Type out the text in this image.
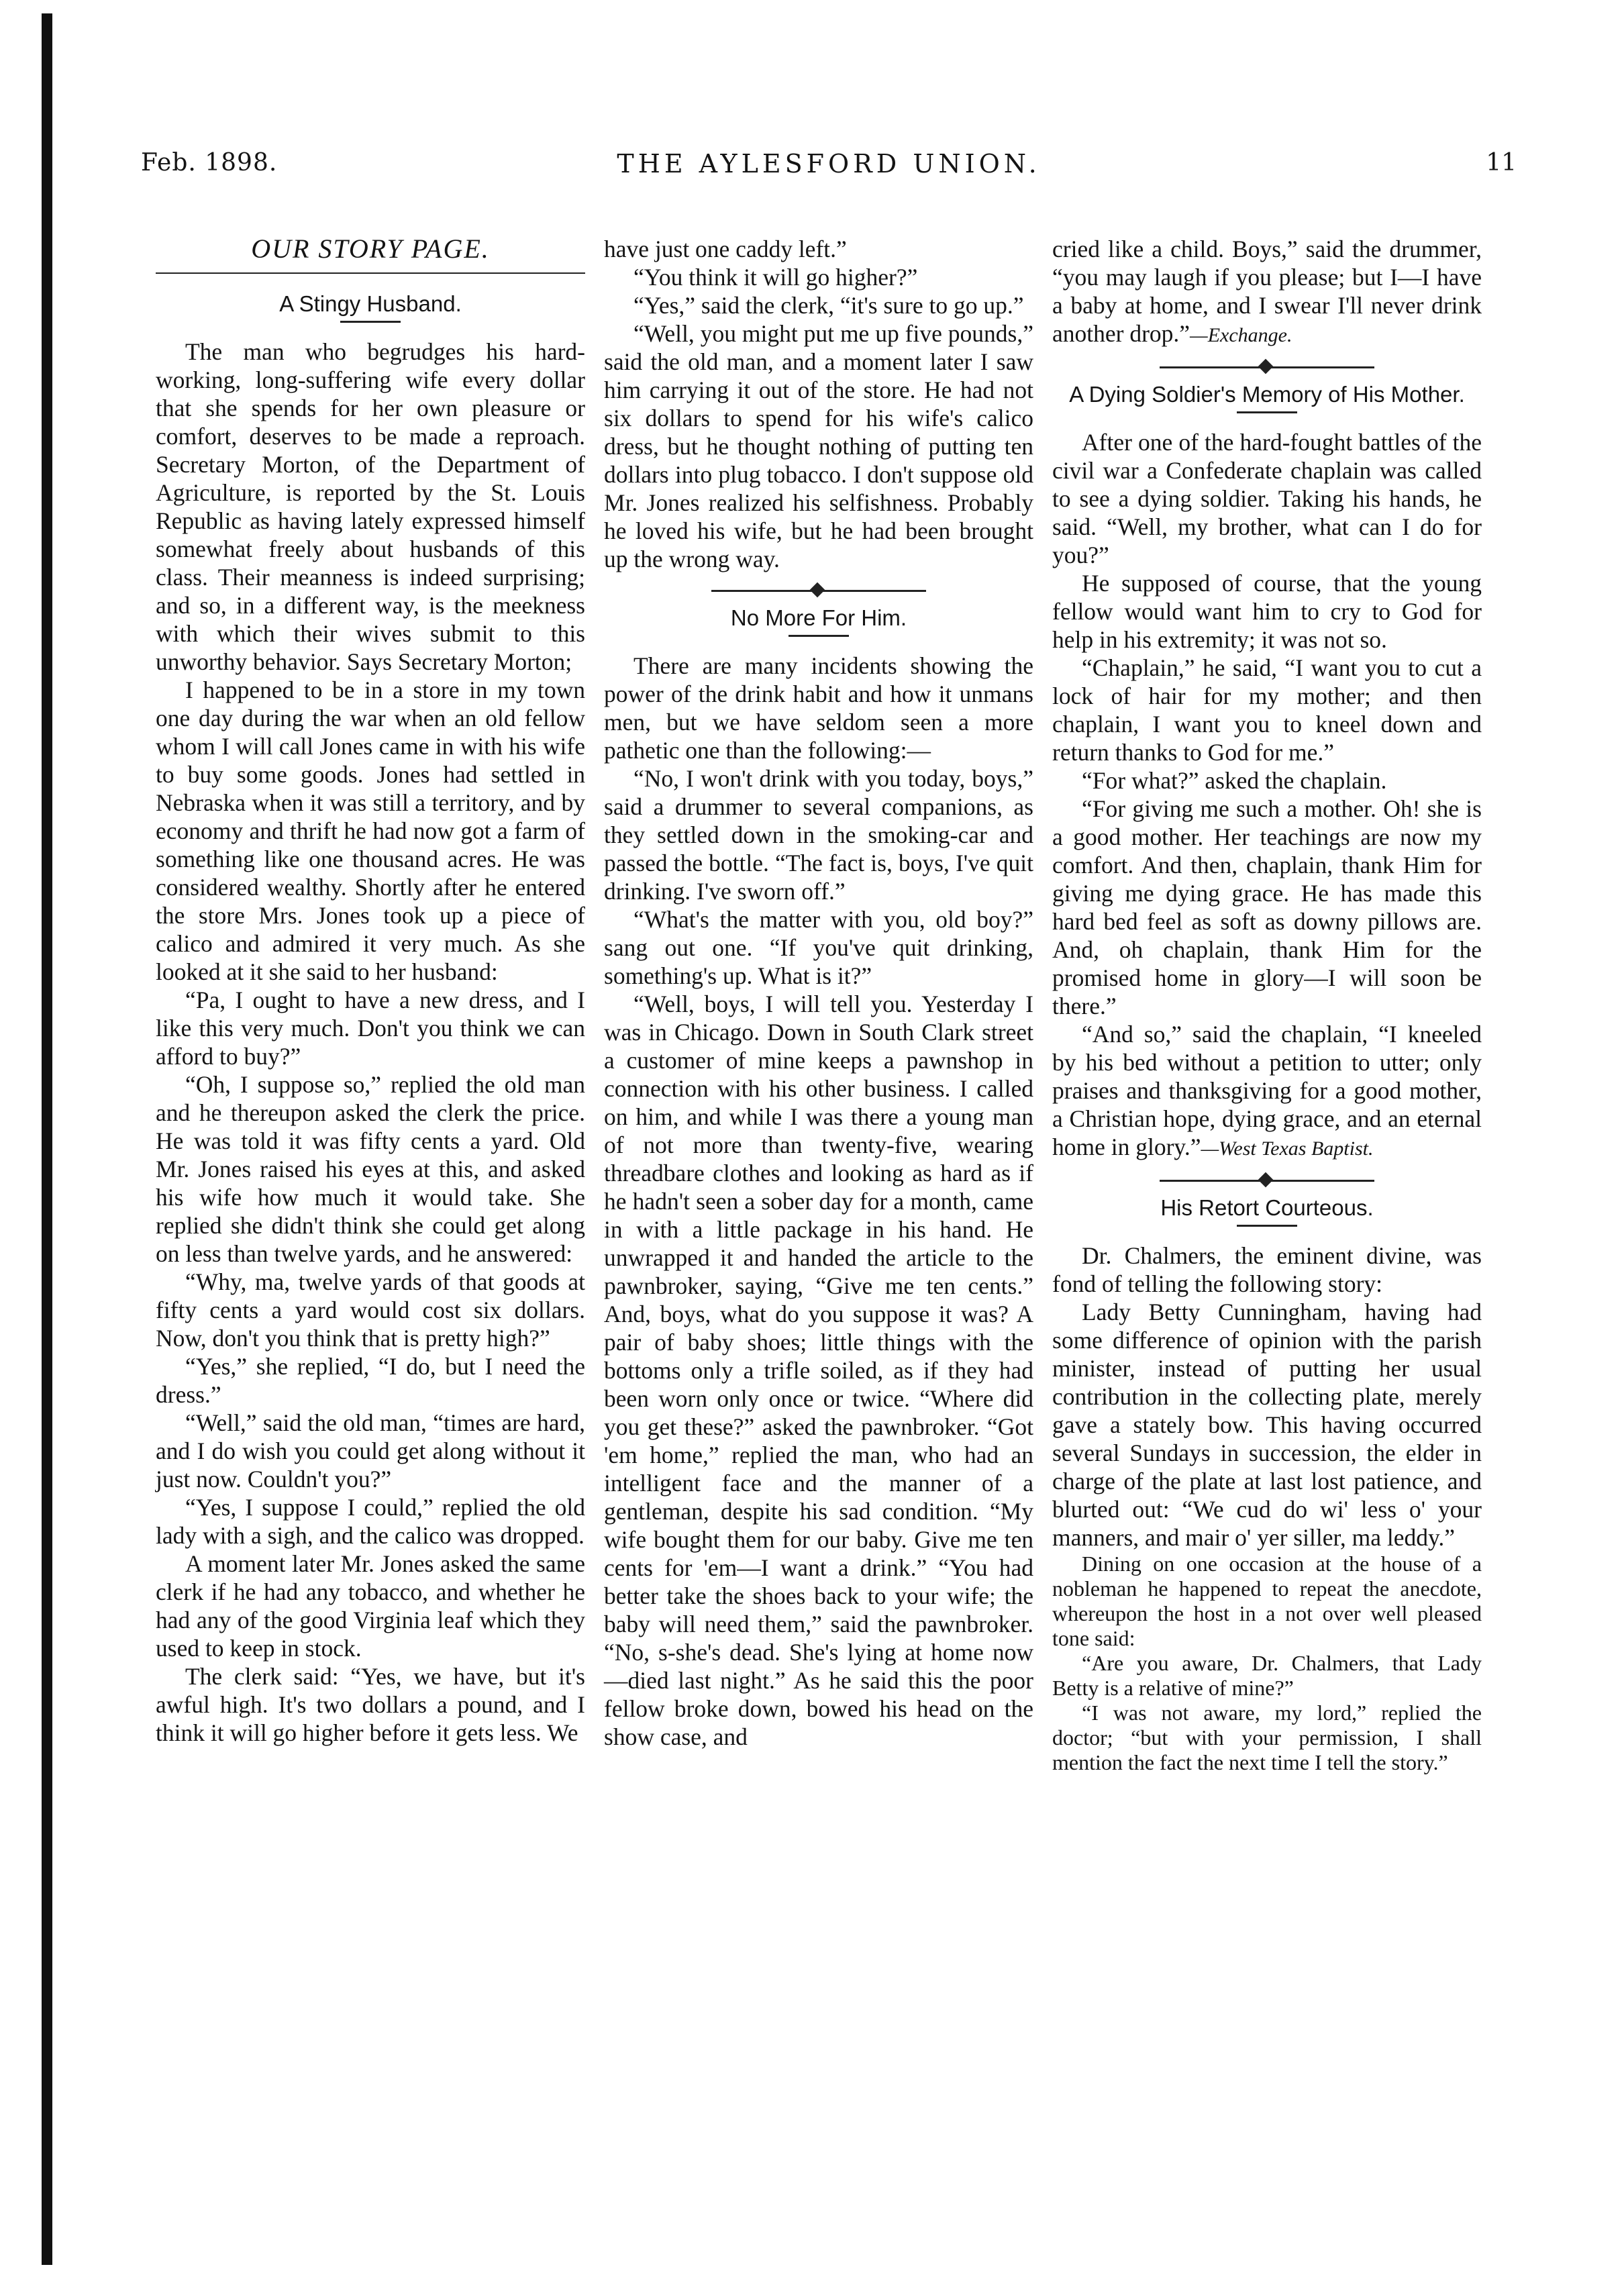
Feb. 1898.	THE AYLESFORD UNION.	11
OUR STORY PAGE.
A Stingy Husband.

The man who begrudges his hard-working, long-suffering wife every dollar that she spends for her own pleasure or comfort, deserves to be made a reproach. Secretary Morton, of the Department of Agriculture, is reported by the St. Louis Republic as having lately expressed himself somewhat freely about husbands of this class. Their meanness is indeed surprising; and so, in a different way, is the meekness with which their wives submit to this unworthy behavior. Says Secretary Morton;

I happened to be in a store in my town one day during the war when an old fellow whom I will call Jones came in with his wife to buy some goods. Jones had settled in Nebraska when it was still a territory, and by economy and thrift he had now got a farm of something like one thousand acres. He was considered wealthy. Shortly after he entered the store Mrs. Jones took up a piece of calico and admired it very much. As she looked at it she said to her husband:

“Pa, I ought to have a new dress, and I like this very much. Don't you think we can afford to buy?”

“Oh, I suppose so,” replied the old man and he thereupon asked the clerk the price. He was told it was fifty cents a yard. Old Mr. Jones raised his eyes at this, and asked his wife how much it would take. She replied she didn't think she could get along on less than twelve yards, and he answered:

“Why, ma, twelve yards of that goods at fifty cents a yard would cost six dollars. Now, don't you think that is pretty high?”

“Yes,” she replied, “I do, but I need the dress.”

“Well,” said the old man, “times are hard, and I do wish you could get along without it just now. Couldn't you?”

“Yes, I suppose I could,” replied the old lady with a sigh, and the calico was dropped.

A moment later Mr. Jones asked the same clerk if he had any tobacco, and whether he had any of the good Virginia leaf which they used to keep in stock.

The clerk said: “Yes, we have, but it's awful high. It's two dollars a pound, and I think it will go higher before it gets less. We

have just one caddy left.”

“You think it will go higher?”

“Yes,” said the clerk, “it's sure to go up.”

“Well, you might put me up five pounds,” said the old man, and a moment later I saw him carrying it out of the store. He had not six dollars to spend for his wife's calico dress, but he thought nothing of putting ten dollars into plug tobacco. I don't suppose old Mr. Jones realized his selfishness. Probably he loved his wife, but he had been brought up the wrong way.

No More For Him.

There are many incidents showing the power of the drink habit and how it unmans men, but we have seldom seen a more pathetic one than the following:—

“No, I won't drink with you today, boys,” said a drummer to several companions, as they settled down in the smoking-car and passed the bottle. “The fact is, boys, I've quit drinking. I've sworn off.”

“What's the matter with you, old boy?” sang out one. “If you've quit drinking, something's up. What is it?”

“Well, boys, I will tell you. Yesterday I was in Chicago. Down in South Clark street a customer of mine keeps a pawnshop in connection with his other business. I called on him, and while I was there a young man of not more than twenty-five, wearing threadbare clothes and looking as hard as if he hadn't seen a sober day for a month, came in with a little package in his hand. He unwrapped it and handed the article to the pawnbroker, saying, “Give me ten cents.” And, boys, what do you suppose it was? A pair of baby shoes; little things with the bottoms only a trifle soiled, as if they had been worn only once or twice. “Where did you get these?” asked the pawnbroker. “Got 'em home,” replied the man, who had an intelligent face and the manner of a gentleman, despite his sad condition. “My wife bought them for our baby. Give me ten cents for 'em—I want a drink.” “You had better take the shoes back to your wife; the baby will need them,” said the pawnbroker. “No, s-she's dead. She's lying at home now—died last night.” As he said this the poor fellow broke down, bowed his head on the show case, and

cried like a child. Boys,” said the drummer, “you may laugh if you please; but I—I have a baby at home, and I swear I'll never drink another drop.”—Exchange.

A Dying Soldier's Memory of His Mother.

After one of the hard-fought battles of the civil war a Confederate chaplain was called to see a dying soldier. Taking his hands, he said. “Well, my brother, what can I do for you?”

He supposed of course, that the young fellow would want him to cry to God for help in his extremity; it was not so.

“Chaplain,” he said, “I want you to cut a lock of hair for my mother; and then chaplain, I want you to kneel down and return thanks to God for me.”

“For what?” asked the chaplain.

“For giving me such a mother. Oh! she is a good mother. Her teachings are now my comfort. And then, chaplain, thank Him for giving me dying grace. He has made this hard bed feel as soft as downy pillows are. And, oh chaplain, thank Him for the promised home in glory—I will soon be there.”

“And so,” said the chaplain, “I kneeled by his bed without a petition to utter; only praises and thanksgiving for a good mother, a Christian hope, dying grace, and an eternal home in glory.”—West Texas Baptist.

His Retort Courteous.

Dr. Chalmers, the eminent divine, was fond of telling the following story:

Lady Betty Cunningham, having had some difference of opinion with the parish minister, instead of putting her usual contribution in the collecting plate, merely gave a stately bow. This having occurred several Sundays in succession, the elder in charge of the plate at last lost patience, and blurted out: “We cud do wi' less o' your manners, and mair o' yer siller, ma leddy.”

Dining on one occasion at the house of a nobleman he happened to repeat the anecdote, whereupon the host in a not over well pleased tone said:

“Are you aware, Dr. Chalmers, that Lady Betty is a relative of mine?”

“I was not aware, my lord,” replied the doctor; “but with your permission, I shall mention the fact the next time I tell the story.”
